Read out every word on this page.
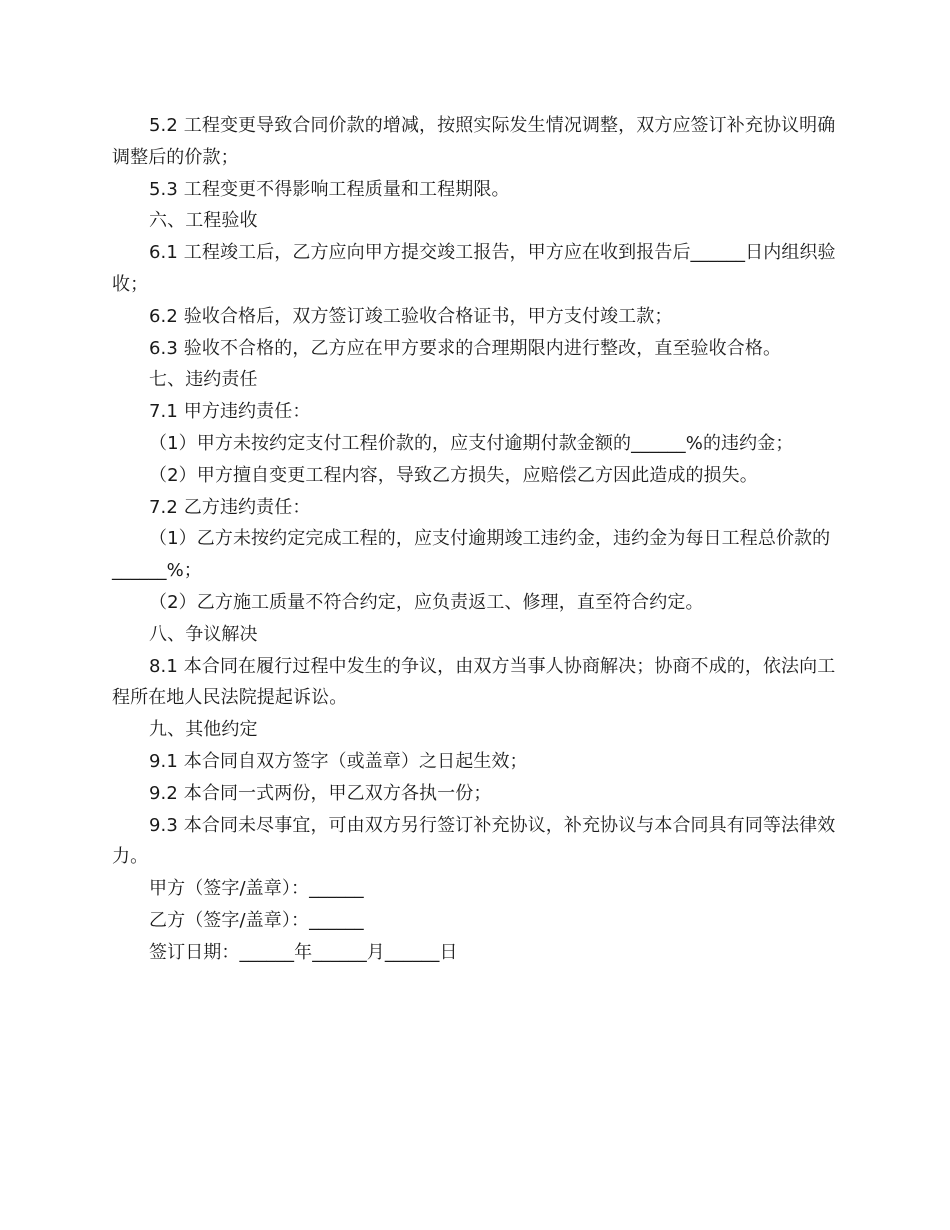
5.2 工程变更导致合同价款的增减，按照实际发生情况调整，双方应签订补充协议明确调整后的价款；

5.3 工程变更不得影响工程质量和工程期限。

六、工程验收

6.1 工程竣工后，乙方应向甲方提交竣工报告，甲方应在收到报告后______日内组织验收；

6.2 验收合格后，双方签订竣工验收合格证书，甲方支付竣工款；

6.3 验收不合格的，乙方应在甲方要求的合理期限内进行整改，直至验收合格。

七、违约责任

7.1 甲方违约责任：

（1）甲方未按约定支付工程价款的，应支付逾期付款金额的______%的违约金；

（2）甲方擅自变更工程内容，导致乙方损失，应赔偿乙方因此造成的损失。

7.2 乙方违约责任：

（1）乙方未按约定完成工程的，应支付逾期竣工违约金，违约金为每日工程总价款的______%；

（2）乙方施工质量不符合约定，应负责返工、修理，直至符合约定。

八、争议解决

8.1 本合同在履行过程中发生的争议，由双方当事人协商解决；协商不成的，依法向工程所在地人民法院提起诉讼。

九、其他约定

9.1 本合同自双方签字（或盖章）之日起生效；

9.2 本合同一式两份，甲乙双方各执一份；

9.3 本合同未尽事宜，可由双方另行签订补充协议，补充协议与本合同具有同等法律效力。

甲方（签字/盖章）：______

乙方（签字/盖章）：______

签订日期：______年______月______日
